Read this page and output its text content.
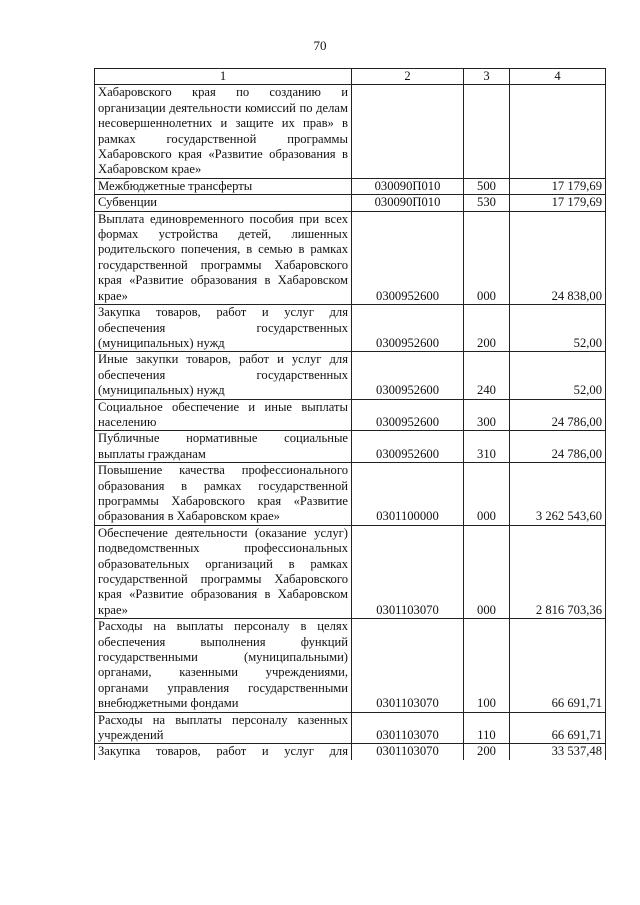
70
1	2	3	4
Хабаровского края по созданию и организации деятельности комиссий по делам несовершеннолетних и защите их прав» в рамках государственной программы Хабаровского края «Развитие образования в Хабаровском крае»			
Межбюджетные трансферты	030090П010	500	17 179,69
Субвенции	030090П010	530	17 179,69
Выплата единовременного пособия при всех формах устройства детей, лишенных родительского попечения, в семью в рамках государственной программы Хабаровского края «Развитие образования в Хабаровском крае»	0300952600	000	24 838,00
Закупка товаров, работ и услуг для обеспечения государственных (муниципальных) нужд	0300952600	200	52,00
Иные закупки товаров, работ и услуг для обеспечения государственных (муниципальных) нужд	0300952600	240	52,00
Социальное обеспечение и иные выплаты населению	0300952600	300	24 786,00
Публичные нормативные социальные выплаты гражданам	0300952600	310	24 786,00
Повышение качества профессионального образования в рамках государственной программы Хабаровского края «Развитие образования в Хабаровском крае»	0301100000	000	3 262 543,60
Обеспечение деятельности (оказание услуг) подведомственных профессиональных образовательных организаций в рамках государственной программы Хабаровского края «Развитие образования в Хабаровском крае»	0301103070	000	2 816 703,36
Расходы на выплаты персоналу в целях обеспечения выполнения функций государственными (муниципальными) органами, казенными учреждениями, органами управления государственными внебюджетными фондами	0301103070	100	66 691,71
Расходы на выплаты персоналу казенных учреждений	0301103070	110	66 691,71
Закупка товаров, работ и услуг для	0301103070	200	33 537,48
